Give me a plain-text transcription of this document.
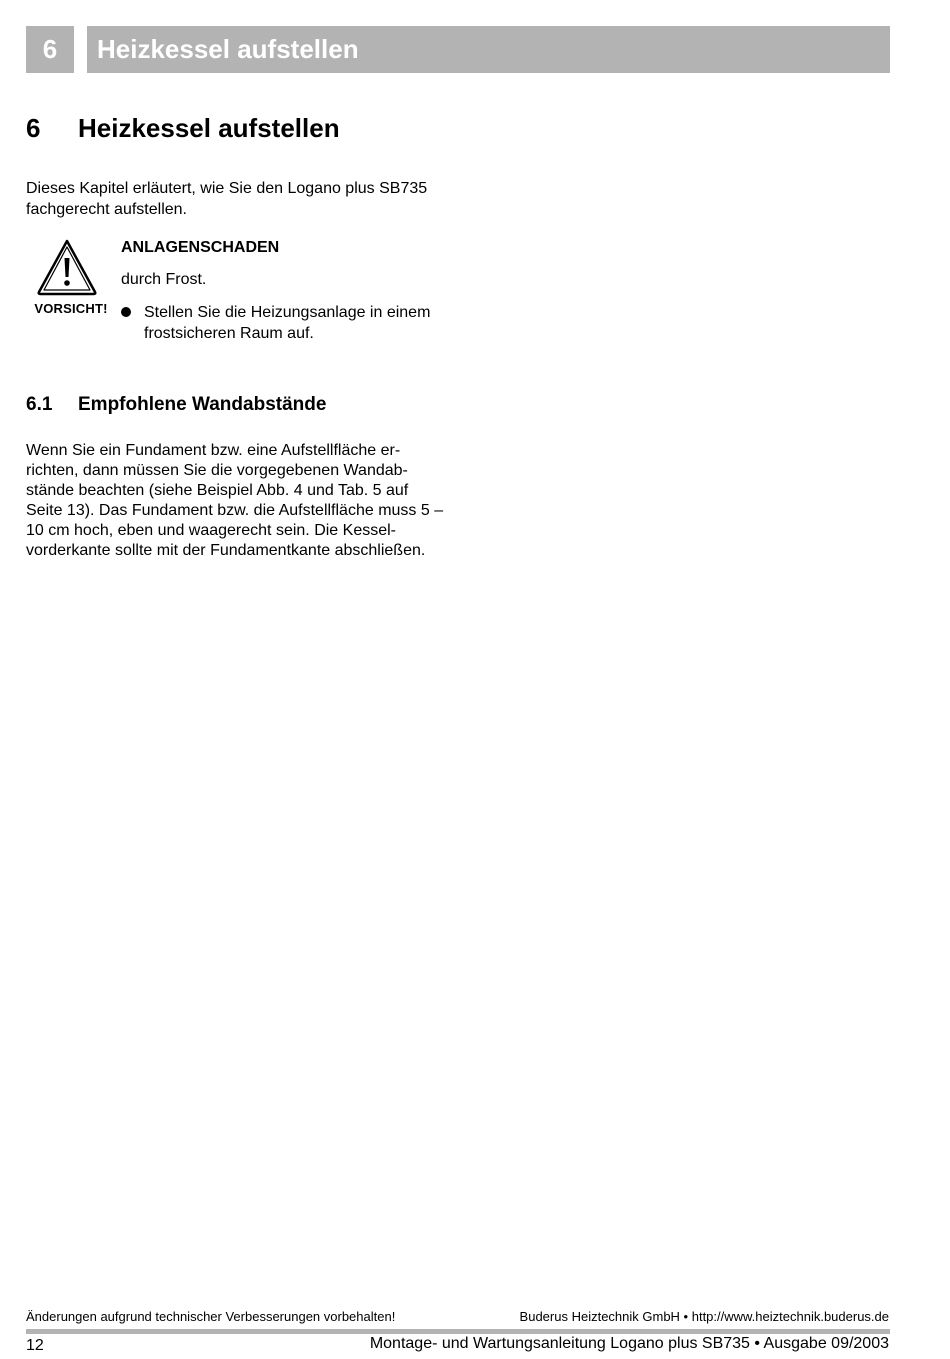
6	Heizkessel aufstellen
6	Heizkessel aufstellen

Dieses Kapitel erläutert, wie Sie den Logano plus SB735 fachgerecht aufstellen.

VORSICHT!
ANLAGENSCHADEN
durch Frost.
Stellen Sie die Heizungsanlage in einem frostsicheren Raum auf.
6.1	Empfohlene Wandabstände

Wenn Sie ein Fundament bzw. eine Aufstellfläche errichten, dann müssen Sie die vorgegebenen Wandabstände beachten (siehe Beispiel Abb. 4 und Tab. 5 auf Seite 13). Das Fundament bzw. die Aufstellfläche muss 5 – 10 cm hoch, eben und waagerecht sein. Die Kesselvorderkante sollte mit der Fundamentkante abschließen.

Änderungen aufgrund technischer Verbesserungen vorbehalten!	Buderus Heiztechnik GmbH • http://www.heiztechnik.buderus.de
12	Montage- und Wartungsanleitung Logano plus SB735 • Ausgabe 09/2003
